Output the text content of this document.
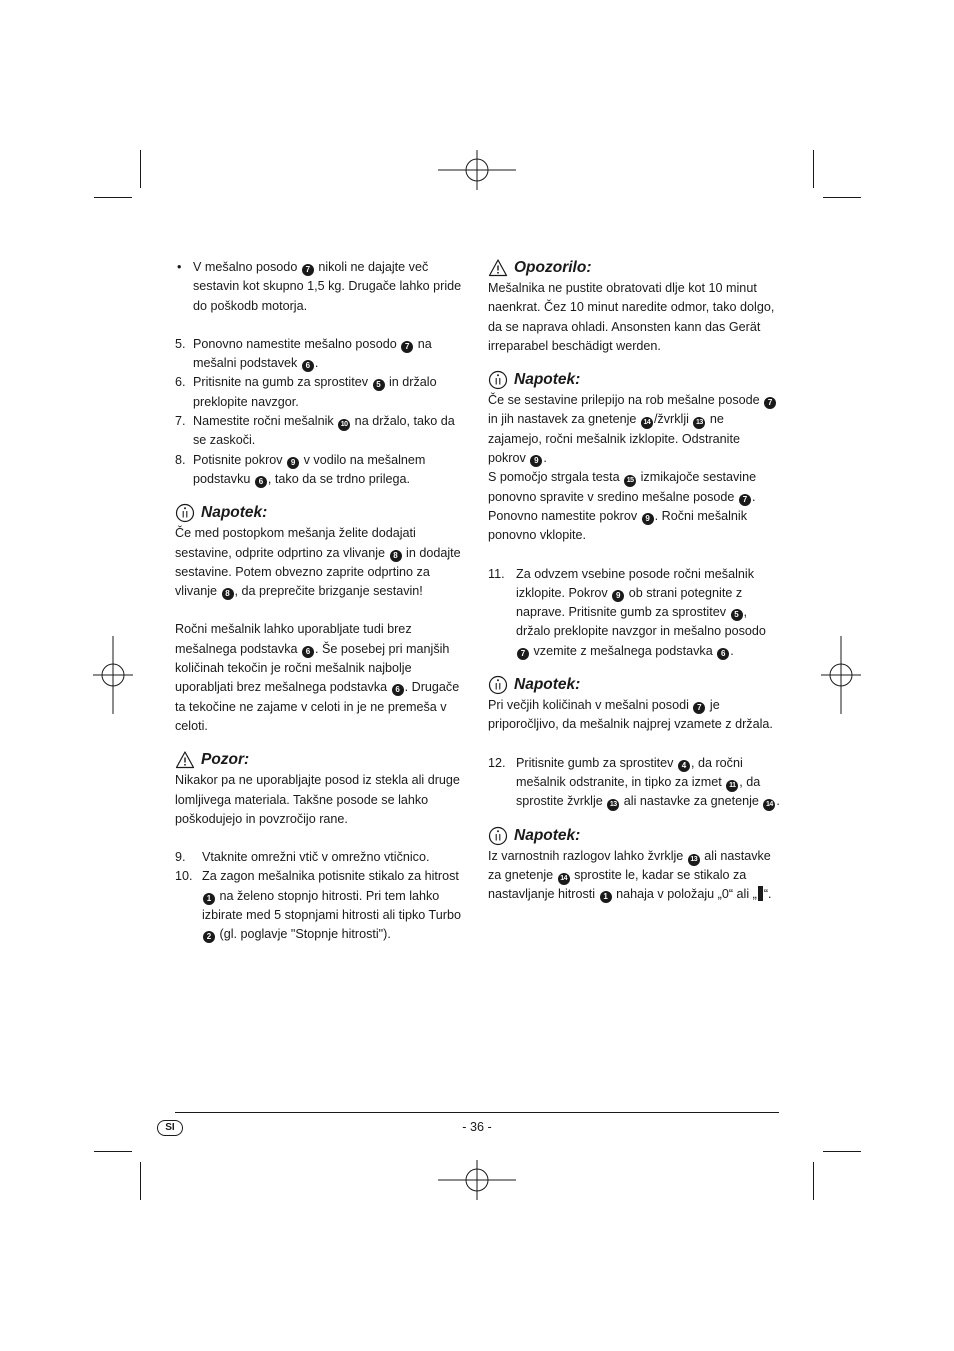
• V mešalno posodo 7 nikoli ne dajajte več sestavin kot skupno 1,5 kg. Drugače lahko pride do poškodb motorja.

5. Ponovno namestite mešalno posodo 7 na mešalni podstavek 6 .

6. Pritisnite na gumb za sprostitev 5 in držalo preklopite navzgor.

7. Namestite ročni mešalnik 10 na držalo, tako da se zaskoči.

8. Potisnite pokrov 9 v vodilo na mešalnem podstavku 6 , tako da se trdno prilega.

Napotek:

Če med postopkom mešanja želite dodajati sestavine, odprite odprtino za vlivanje 8 in dodajte sestavine. Potem obvezno zaprite odprtino za vlivanje 8 , da preprečite brizganje sestavin!

Ročni mešalnik lahko uporabljate tudi brez mešalnega podstavka 6 . Še posebej pri manjših količinah tekočin je ročni mešalnik najbolje uporabljati brez mešalnega podstavka 6 . Drugače ta tekočine ne zajame v celoti in je ne premeša v celoti.

Pozor:

Nikakor pa ne uporabljajte posod iz stekla ali druge lomljivega materiala. Takšne posode se lahko poškodujejo in povzročijo rane.

9. Vtaknite omrežni vtič v omrežno vtičnico.

10. Za zagon mešalnika potisnite stikalo za hitrost 1 na želeno stopnjo hitrosti. Pri tem lahko izbirate med 5 stopnjami hitrosti ali tipko Turbo 2 (gl. poglavje "Stopnje hitrosti").

Opozorilo:

Mešalnika ne pustite obratovati dlje kot 10 minut naenkrat. Čez 10 minut naredite odmor, tako dolgo, da se naprava ohladi. Ansonsten kann das Gerät irreparabel beschädigt werden.

Napotek:

Če se sestavine prilepijo na rob mešalne posode 7 in jih nastavek za gnetenje 14 /žvrklji 13 ne zajamejo, ročni mešalnik izklopite. Odstranite pokrov 9 .

S pomočjo strgala testa 15 izmikajoče sestavine ponovno spravite v sredino mešalne posode 7 . Ponovno namestite pokrov 9 . Ročni mešalnik ponovno vklopite.

11. Za odvzem vsebine posode ročni mešalnik izklopite. Pokrov 9 ob strani potegnite z naprave. Pritisnite gumb za sprostitev 5 , držalo preklopite navzgor in mešalno posodo 7 vzemite z mešalnega podstavka 6 .

Napotek:

Pri večjih količinah v mešalni posodi 7 je priporočljivo, da mešalnik najprej vzamete z držala.

12. Pritisnite gumb za sprostitev 4 , da ročni mešalnik odstranite, in tipko za izmet 11 , da sprostite žvrklje 13 ali nastavke za gnetenje 14 .

Napotek:

Iz varnostnih razlogov lahko žvrklje 13 ali nastavke za gnetenje 14 sprostite le, kadar se stikalo za nastavljanje hitrosti 1 nahaja v položaju „0“ ali „ “.

SI	- 36 -
